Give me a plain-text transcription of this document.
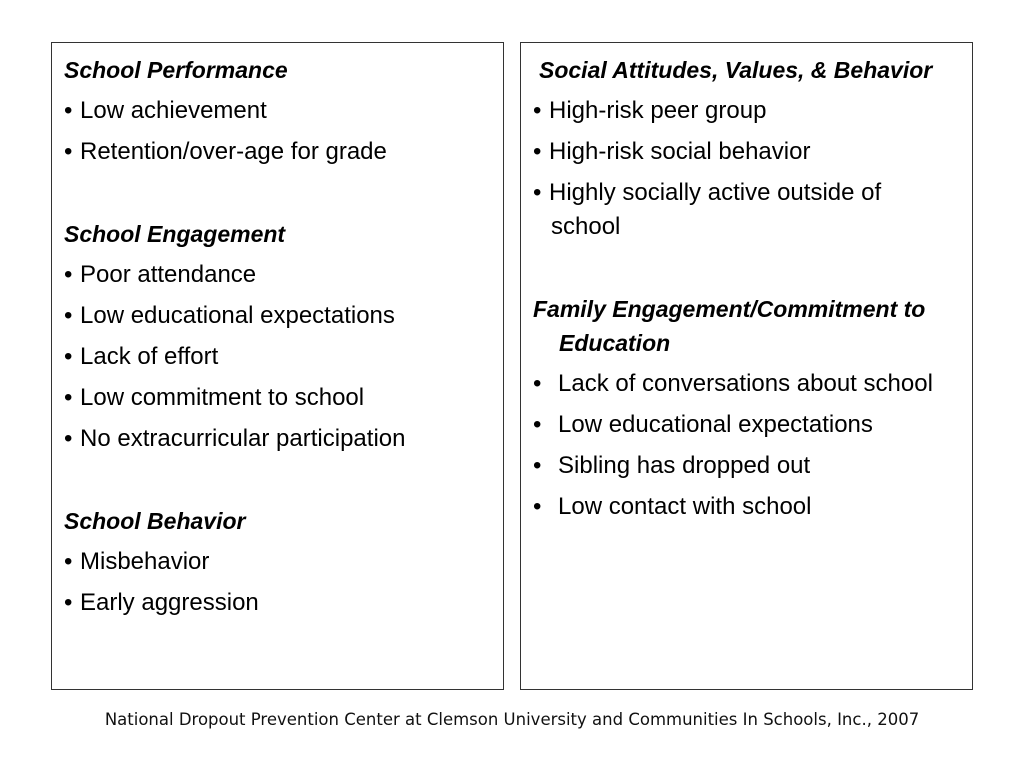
School Performance
• Low achievement
• Retention/over-age for grade
School Engagement
• Poor attendance
• Low educational expectations
• Lack of effort
• Low commitment to school
• No extracurricular participation
School Behavior
• Misbehavior
• Early aggression
Social Attitudes, Values, & Behavior
• High-risk peer group
• High-risk social behavior
• Highly socially active outside of school
Family Engagement/Commitment to Education
• Lack of conversations about school
• Low educational expectations
• Sibling has dropped out
• Low contact with school
National Dropout Prevention Center at Clemson University and Communities In Schools, Inc., 2007
